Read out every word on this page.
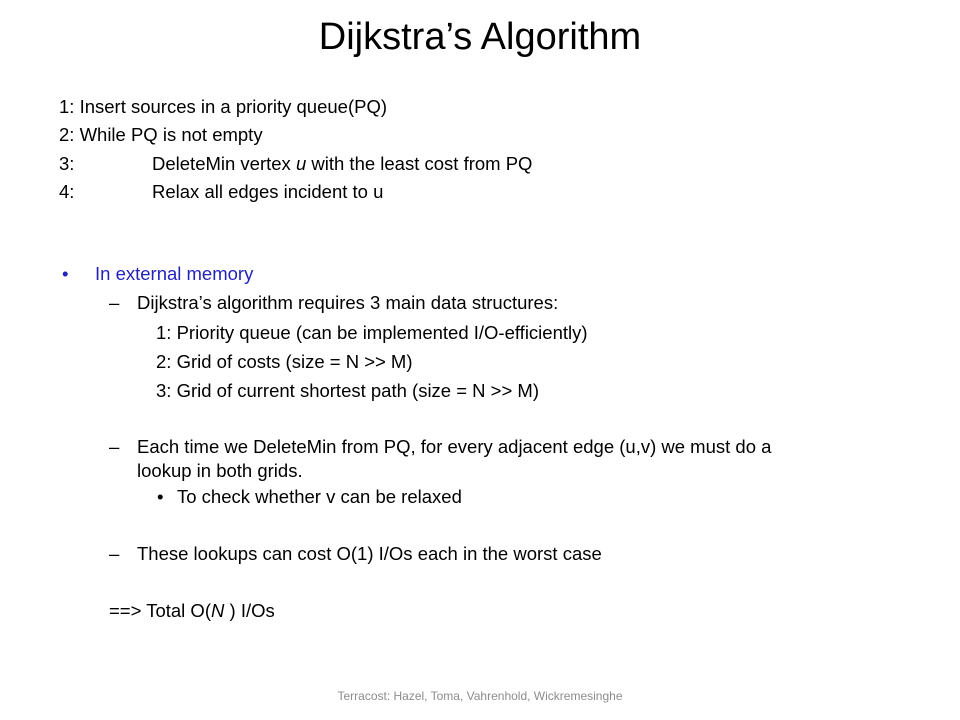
Dijkstra’s Algorithm
1: Insert sources in a priority queue(PQ)
2: While PQ is not empty
3:	DeleteMin vertex u with the least cost from PQ
4:	Relax all edges incident to u
• In external memory
– Dijkstra’s algorithm requires 3 main data structures:
1: Priority queue (can be implemented I/O-efficiently)
2: Grid of costs (size = N >> M)
3: Grid of current shortest path (size = N >> M)
– Each time we DeleteMin from PQ, for every adjacent edge (u,v) we must do a
lookup in both grids.
• To check whether v can be relaxed
– These lookups can cost O(1) I/Os each in the worst case
==> Total O(N ) I/Os
Terracost: Hazel, Toma, Vahrenhold, Wickremesinghe
